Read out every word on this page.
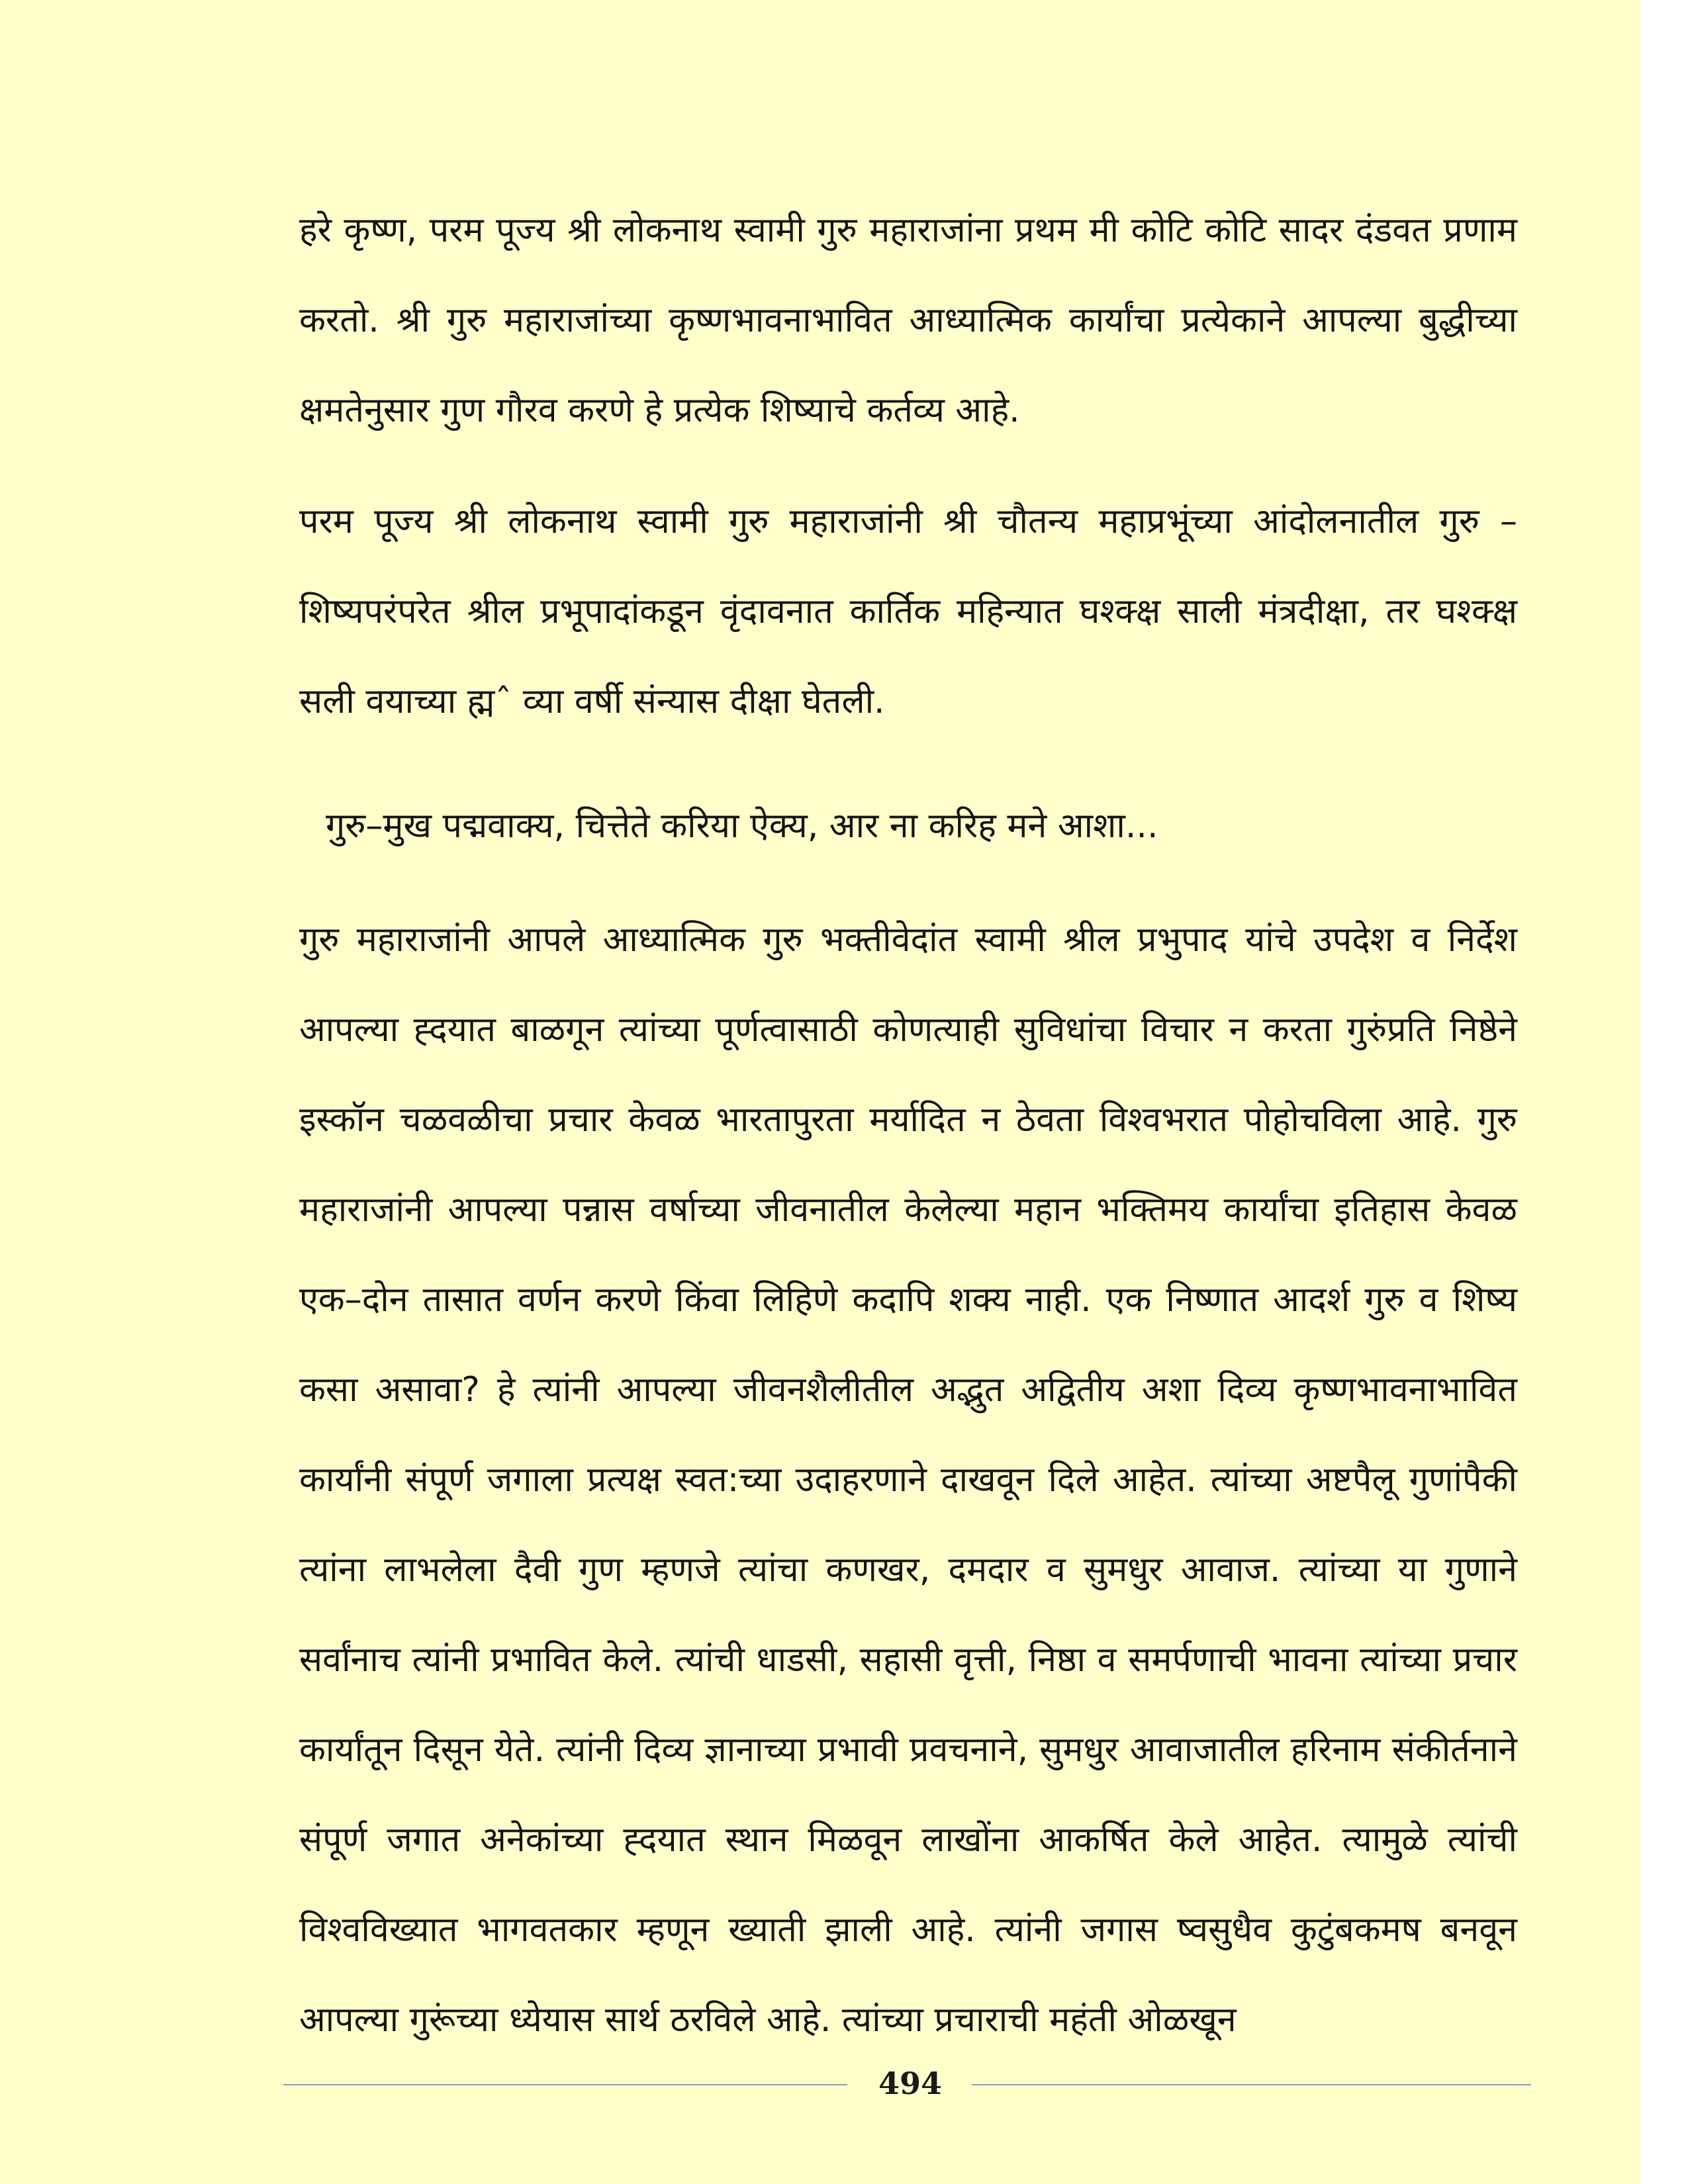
हरे कृष्ण, परम पूज्य श्री लोकनाथ स्वामी गुरु महाराजांना प्रथम मी कोटि कोटि सादर दंडवत प्रणाम करतो. श्री गुरु महाराजांच्या कृष्णभावनाभावित आध्यात्मिक कार्यांचा प्रत्येकाने आपल्या बुद्धीच्या क्षमतेनुसार गुण गौरव करणे हे प्रत्येक शिष्याचे कर्तव्य आहे.

परम पूज्य श्री लोकनाथ स्वामी गुरु महाराजांनी श्री चौतन्य महाप्रभूंच्या आंदोलनातील गुरु –शिष्यपरंपरेत श्रील प्रभूपादांकडून वृंदावनात कार्तिक महिन्यात घश्क्क्ष साली मंत्रदीक्षा, तर घश्क्क्ष सली वयाच्या ह्मˆ व्या वर्षी संन्यास दीक्षा घेतली.

गुरु–मुख पद्मवाक्य, चित्तेते करिया ऐक्य, आर ना करिह मने आशा...

गुरु महाराजांनी आपले आध्यात्मिक गुरु भक्तीवेदांत स्वामी श्रील प्रभुपाद यांचे उपदेश व निर्देश आपल्या ह्दयात बाळगून त्यांच्या पूर्णत्वासाठी कोणत्याही सुविधांचा विचार न करता गुरुंप्रति निष्ठेने इस्कॉन चळवळीचा प्रचार केवळ भारतापुरता मर्यादित न ठेवता विश्वभरात पोहोचविला आहे. गुरु महाराजांनी आपल्या पन्नास वर्षाच्या जीवनातील केलेल्या महान भक्तिमय कार्यांचा इतिहास केवळ एक–दोन तासात वर्णन करणे किंवा लिहिणे कदापि शक्य नाही. एक निष्णात आदर्श गुरु व शिष्य कसा असावा? हे त्यांनी आपल्या जीवनशैलीतील अद्भुत अद्वितीय अशा दिव्य कृष्णभावनाभावित कार्यांनी संपूर्ण जगाला प्रत्यक्ष स्वत:च्या उदाहरणाने दाखवून दिले आहेत. त्यांच्या अष्टपैलू गुणांपैकी त्यांना लाभलेला दैवी गुण म्हणजे त्यांचा कणखर, दमदार व सुमधुर आवाज. त्यांच्या या गुणाने सर्वांनाच त्यांनी प्रभावित केले. त्यांची धाडसी, सहासी वृत्ती, निष्ठा व समर्पणाची भावना त्यांच्या प्रचार कार्यांतून दिसून येते. त्यांनी दिव्य ज्ञानाच्या प्रभावी प्रवचनाने, सुमधुर आवाजातील हरिनाम संकीर्तनाने संपूर्ण जगात अनेकांच्या ह्दयात स्थान मिळवून लाखोंना आकर्षित केले आहेत. त्यामुळे त्यांची विश्वविख्यात भागवतकार म्हणून ख्याती झाली आहे. त्यांनी जगास ष्वसुधैव कुटुंबकमष बनवून आपल्या गुरूंच्या ध्येयास सार्थ ठरविले आहे. त्यांच्या प्रचाराची महंती ओळखून

494
